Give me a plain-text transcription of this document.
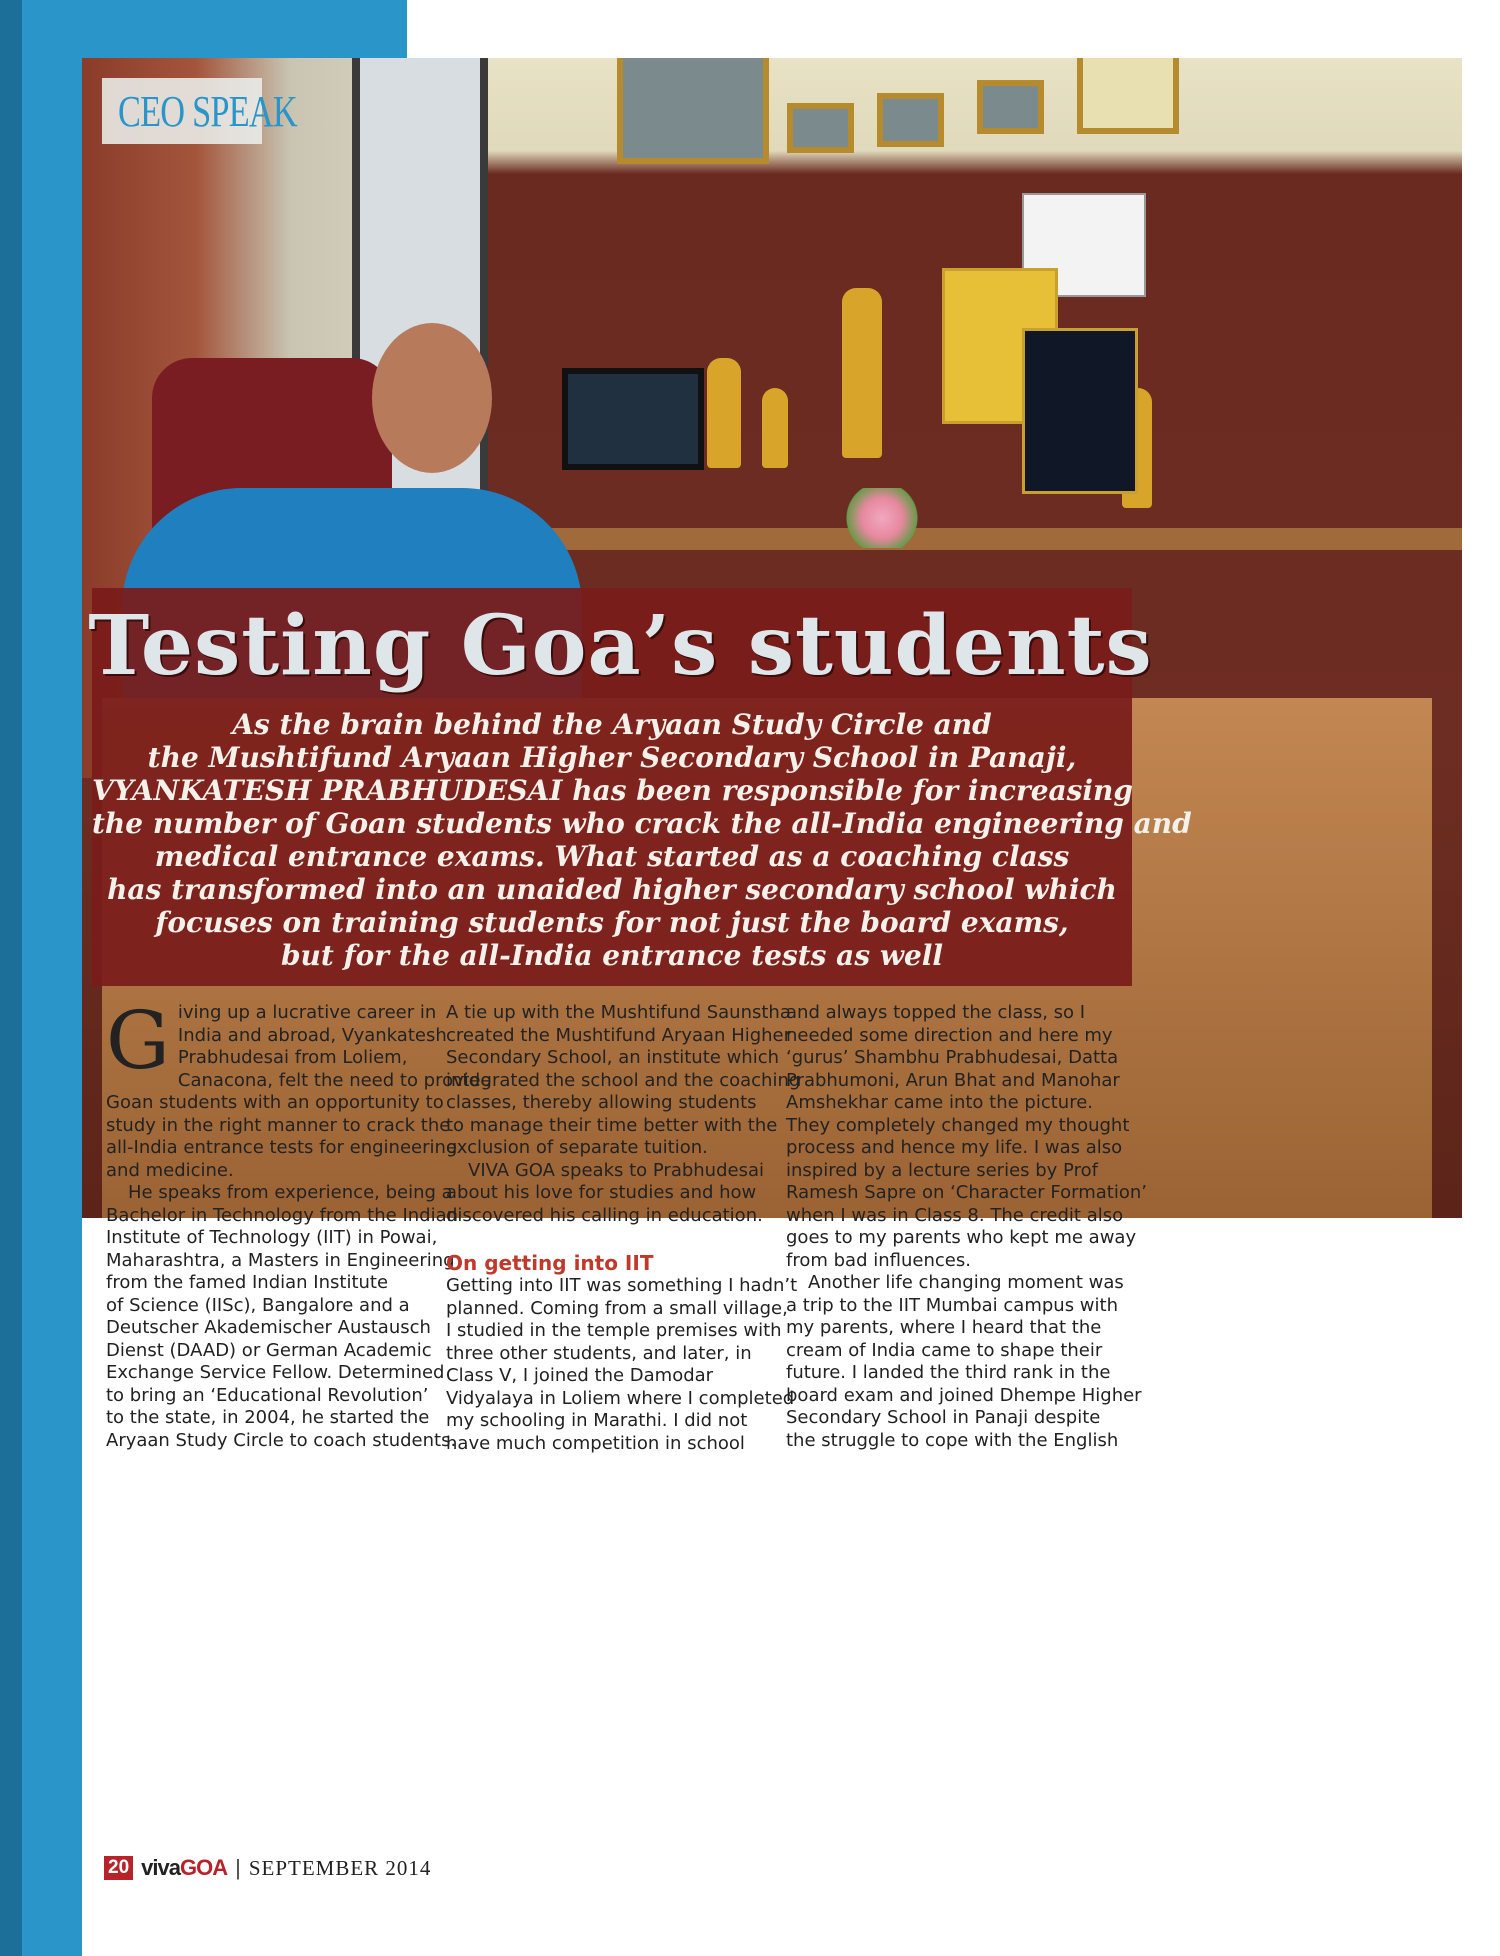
CEO SPEAK
Testing Goa’s students
As the brain behind the Aryaan Study Circle and
the Mushtifund Aryaan Higher Secondary School in Panaji,
VYANKATESH PRABHUDESAI has been responsible for increasing
the number of Goan students who crack the all-India engineering and
medical entrance exams. What started as a coaching class
has transformed into an unaided higher secondary school which
focuses on training students for not just the board exams,
but for the all-India entrance tests as well

G iving up a lucrative career in
India and abroad, Vyankatesh
Prabhudesai from Loliem,
Canacona, felt the need to provide
Goan students with an opportunity to
study in the right manner to crack the
all-India entrance tests for engineering
and medicine.

He speaks from experience, being a
Bachelor in Technology from the Indian
Institute of Technology (IIT) in Powai,
Maharashtra, a Masters in Engineering
from the famed Indian Institute
of Science (IISc), Bangalore and a
Deutscher Akademischer Austausch
Dienst (DAAD) or German Academic
Exchange Service Fellow. Determined
to bring an ‘Educational Revolution’
to the state, in 2004, he started the
Aryaan Study Circle to coach students.

A tie up with the Mushtifund Saunstha
created the Mushtifund Aryaan Higher
Secondary School, an institute which
integrated the school and the coaching
classes, thereby allowing students
to manage their time better with the
exclusion of separate tuition.

VIVA GOA speaks to Prabhudesai
about his love for studies and how
discovered his calling in education.

On getting into IIT

Getting into IIT was something I hadn’t
planned. Coming from a small village,
I studied in the temple premises with
three other students, and later, in
Class V, I joined the Damodar
Vidyalaya in Loliem where I completed
my schooling in Marathi. I did not
have much competition in school

and always topped the class, so I
needed some direction and here my
‘gurus’ Shambhu Prabhudesai, Datta
Prabhumoni, Arun Bhat and Manohar
Amshekhar came into the picture.
They completely changed my thought
process and hence my life. I was also
inspired by a lecture series by Prof
Ramesh Sapre on ‘Character Formation’
when I was in Class 8. The credit also
goes to my parents who kept me away
from bad influences.

Another life changing moment was
a trip to the IIT Mumbai campus with
my parents, where I heard that the
cream of India came to shape their
future. I landed the third rank in the
board exam and joined Dhempe Higher
Secondary School in Panaji despite
the struggle to cope with the English

20 vivaGOA | SEPTEMBER 2014
